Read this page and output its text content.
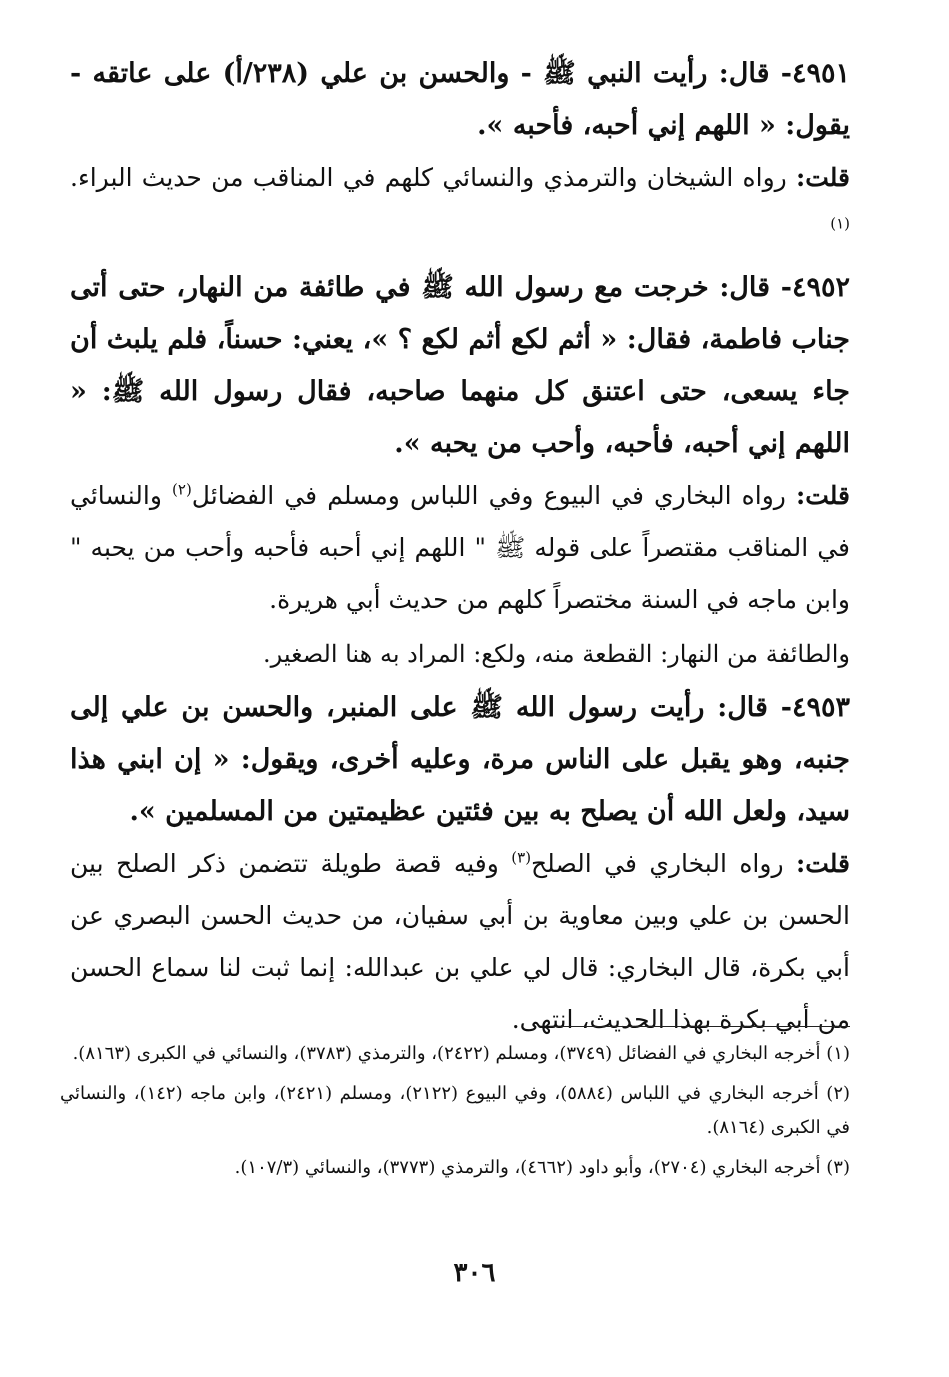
٤٩٥١- قال: رأيت النبي ﷺ - والحسن بن علي (٢٣٨/أ) على عاتقه - يقول: « اللهم إني أحبه، فأحبه ».

قلت: رواه الشيخان والترمذي والنسائي كلهم في المناقب من حديث البراء.$^{(١)}$

٤٩٥٢- قال: خرجت مع رسول الله ﷺ في طائفة من النهار، حتى أتى جناب فاطمة، فقال: « أثم لكع أثم لكع ؟ »، يعني: حسناً، فلم يلبث أن جاء يسعى، حتى اعتنق كل منهما صاحبه، فقال رسول الله ﷺ: « اللهم إني أحبه، فأحبه، وأحب من يحبه ».

قلت: رواه البخاري في البيوع وفي اللباس ومسلم في الفضائل$^{(٢)}$ والنسائي في المناقب مقتصراً على قوله ﷺ " اللهم إني أحبه فأحبه وأحب من يحبه " وابن ماجه في السنة مختصراً كلهم من حديث أبي هريرة.

والطائفة من النهار: القطعة منه، ولكع: المراد به هنا الصغير.

٤٩٥٣- قال: رأيت رسول الله ﷺ على المنبر، والحسن بن علي إلى جنبه، وهو يقبل على الناس مرة، وعليه أخرى، ويقول: « إن ابني هذا سيد، ولعل الله أن يصلح به بين فئتين عظيمتين من المسلمين ».

قلت: رواه البخاري في الصلح$^{(٣)}$ وفيه قصة طويلة تتضمن ذكر الصلح بين الحسن بن علي وبين معاوية بن أبي سفيان، من حديث الحسن البصري عن أبي بكرة، قال البخاري: قال لي علي بن عبدالله: إنما ثبت لنا سماع الحسن من أبي بكرة بهذا الحديث، انتهى.

(١) أخرجه البخاري في الفضائل (٣٧٤٩)، ومسلم (٢٤٢٢)، والترمذي (٣٧٨٣)، والنسائي في الكبرى (٨١٦٣).

(٢) أخرجه البخاري في اللباس (٥٨٨٤)، وفي البيوع (٢١٢٢)، ومسلم (٢٤٢١)، وابن ماجه (١٤٢)، والنسائي في الكبرى (٨١٦٤).

(٣) أخرجه البخاري (٢٧٠٤)، وأبو داود (٤٦٦٢)، والترمذي (٣٧٧٣)، والنسائي (١٠٧/٣).

٣٠٦
